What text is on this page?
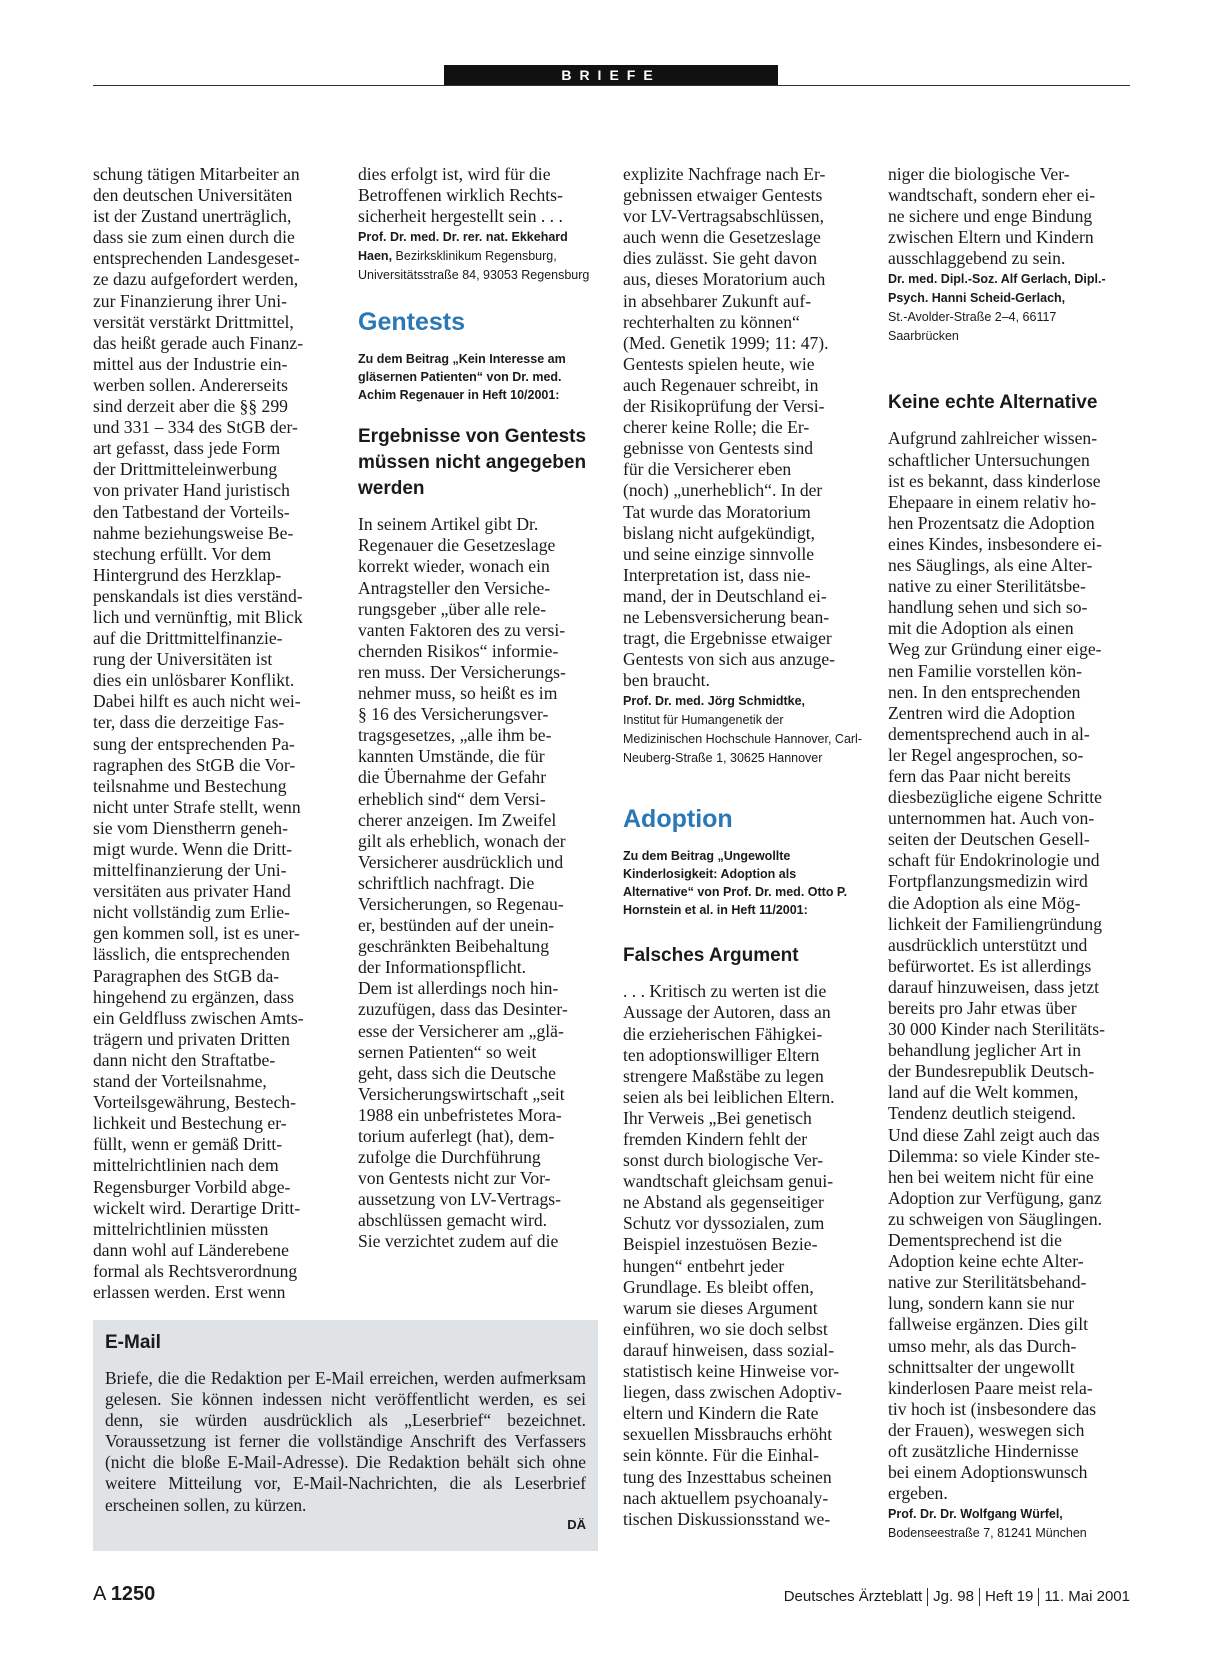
BRIEFE

schung tätigen Mitarbeiter an
den deutschen Universitäten
ist der Zustand unerträglich,
dass sie zum einen durch die
entsprechenden Landesgeset-
ze dazu aufgefordert werden,
zur Finanzierung ihrer Uni-
versität verstärkt Drittmittel,
das heißt gerade auch Finanz-
mittel aus der Industrie ein-
werben sollen. Andererseits
sind derzeit aber die §§ 299
und 331 – 334 des StGB der-
art gefasst, dass jede Form
der Drittmitteleinwerbung
von privater Hand juristisch
den Tatbestand der Vorteils-
nahme beziehungsweise Be-
stechung erfüllt. Vor dem
Hintergrund des Herzklap-
penskandals ist dies verständ-
lich und vernünftig, mit Blick
auf die Drittmittelfinanzie-
rung der Universitäten ist
dies ein unlösbarer Konflikt.
Dabei hilft es auch nicht wei-
ter, dass die derzeitige Fas-
sung der entsprechenden Pa-
ragraphen des StGB die Vor-
teilsnahme und Bestechung
nicht unter Strafe stellt, wenn
sie vom Dienstherrn geneh-
migt wurde. Wenn die Dritt-
mittelfinanzierung der Uni-
versitäten aus privater Hand
nicht vollständig zum Erlie-
gen kommen soll, ist es uner-
lässlich, die entsprechenden
Paragraphen des StGB da-
hingehend zu ergänzen, dass
ein Geldfluss zwischen Amts-
trägern und privaten Dritten
dann nicht den Straftatbe-
stand der Vorteilsnahme,
Vorteilsgewährung, Bestech-
lichkeit und Bestechung er-
füllt, wenn er gemäß Dritt-
mittelrichtlinien nach dem
Regensburger Vorbild abge-
wickelt wird. Derartige Dritt-
mittelrichtlinien müssten
dann wohl auf Länderebene
formal als Rechtsverordnung
erlassen werden. Erst wenn

dies erfolgt ist, wird für die
Betroffenen wirklich Rechts-
sicherheit hergestellt sein . . .

Prof. Dr. med. Dr. rer. nat. Ekkehard Haen, Bezirksklinikum Regensburg, Universitätsstraße 84, 93053 Regensburg

Gentests

Zu dem Beitrag „Kein Interesse am gläsernen Patienten“ von Dr. med. Achim Regenauer in Heft 10/2001:

Ergebnisse von Gentests müssen nicht angegeben werden

In seinem Artikel gibt Dr.
Regenauer die Gesetzeslage
korrekt wieder, wonach ein
Antragsteller den Versiche-
rungsgeber „über alle rele-
vanten Faktoren des zu versi-
chernden Risikos“ informie-
ren muss. Der Versicherungs-
nehmer muss, so heißt es im
§ 16 des Versicherungsver-
tragsgesetzes, „alle ihm be-
kannten Umstände, die für
die Übernahme der Gefahr
erheblich sind“ dem Versi-
cherer anzeigen. Im Zweifel
gilt als erheblich, wonach der
Versicherer ausdrücklich und
schriftlich nachfragt. Die
Versicherungen, so Regenau-
er, bestünden auf der unein-
geschränkten Beibehaltung
der Informationspflicht.
Dem ist allerdings noch hin-
zuzufügen, dass das Desinter-
esse der Versicherer am „glä-
sernen Patienten“ so weit
geht, dass sich die Deutsche
Versicherungswirtschaft „seit
1988 ein unbefristetes Mora-
torium auferlegt (hat), dem-
zufolge die Durchführung
von Gentests nicht zur Vor-
aussetzung von LV-Vertrags-
abschlüssen gemacht wird.
Sie verzichtet zudem auf die

explizite Nachfrage nach Er-
gebnissen etwaiger Gentests
vor LV-Vertragsabschlüssen,
auch wenn die Gesetzeslage
dies zulässt. Sie geht davon
aus, dieses Moratorium auch
in absehbarer Zukunft auf-
rechterhalten zu können“
(Med. Genetik 1999; 11: 47).
Gentests spielen heute, wie
auch Regenauer schreibt, in
der Risikoprüfung der Versi-
cherer keine Rolle; die Er-
gebnisse von Gentests sind
für die Versicherer eben
(noch) „unerheblich“. In der
Tat wurde das Moratorium
bislang nicht aufgekündigt,
und seine einzige sinnvolle
Interpretation ist, dass nie-
mand, der in Deutschland ei-
ne Lebensversicherung bean-
tragt, die Ergebnisse etwaiger
Gentests von sich aus anzuge-
ben braucht.

Prof. Dr. med. Jörg Schmidtke,
Institut für Humangenetik der Medizinischen Hochschule Hannover, Carl-Neuberg-Straße 1, 30625 Hannover

Adoption

Zu dem Beitrag „Ungewollte Kinderlosigkeit: Adoption als Alternative“ von Prof. Dr. med. Otto P. Hornstein et al. in Heft 11/2001:

Falsches Argument

. . . Kritisch zu werten ist die
Aussage der Autoren, dass an
die erzieherischen Fähigkei-
ten adoptionswilliger Eltern
strengere Maßstäbe zu legen
seien als bei leiblichen Eltern.
Ihr Verweis „Bei genetisch
fremden Kindern fehlt der
sonst durch biologische Ver-
wandtschaft gleichsam genui-
ne Abstand als gegenseitiger
Schutz vor dyssozialen, zum
Beispiel inzestuösen Bezie-
hungen“ entbehrt jeder
Grundlage. Es bleibt offen,
warum sie dieses Argument
einführen, wo sie doch selbst
darauf hinweisen, dass sozial-
statistisch keine Hinweise vor-
liegen, dass zwischen Adoptiv-
eltern und Kindern die Rate
sexuellen Missbrauchs erhöht
sein könnte. Für die Einhal-
tung des Inzesttabus scheinen
nach aktuellem psychoanaly-
tischen Diskussionsstand we-

niger die biologische Ver-
wandtschaft, sondern eher ei-
ne sichere und enge Bindung
zwischen Eltern und Kindern
ausschlaggebend zu sein.

Dr. med. Dipl.-Soz. Alf Gerlach, Dipl.-Psych. Hanni Scheid-Gerlach,
St.-Avolder-Straße 2–4, 66117 Saarbrücken

Keine echte Alternative

Aufgrund zahlreicher wissen-
schaftlicher Untersuchungen
ist es bekannt, dass kinderlose
Ehepaare in einem relativ ho-
hen Prozentsatz die Adoption
eines Kindes, insbesondere ei-
nes Säuglings, als eine Alter-
native zu einer Sterilitätsbe-
handlung sehen und sich so-
mit die Adoption als einen
Weg zur Gründung einer eige-
nen Familie vorstellen kön-
nen. In den entsprechenden
Zentren wird die Adoption
dementsprechend auch in al-
ler Regel angesprochen, so-
fern das Paar nicht bereits
diesbezügliche eigene Schritte
unternommen hat. Auch von-
seiten der Deutschen Gesell-
schaft für Endokrinologie und
Fortpflanzungsmedizin wird
die Adoption als eine Mög-
lichkeit der Familiengründung
ausdrücklich unterstützt und
befürwortet. Es ist allerdings
darauf hinzuweisen, dass jetzt
bereits pro Jahr etwas über
30 000 Kinder nach Sterilitäts-
behandlung jeglicher Art in
der Bundesrepublik Deutsch-
land auf die Welt kommen,
Tendenz deutlich steigend.
Und diese Zahl zeigt auch das
Dilemma: so viele Kinder ste-
hen bei weitem nicht für eine
Adoption zur Verfügung, ganz
zu schweigen von Säuglingen.
Dementsprechend ist die
Adoption keine echte Alter-
native zur Sterilitätsbehand-
lung, sondern kann sie nur
fallweise ergänzen. Dies gilt
umso mehr, als das Durch-
schnittsalter der ungewollt
kinderlosen Paare meist rela-
tiv hoch ist (insbesondere das
der Frauen), weswegen sich
oft zusätzliche Hindernisse
bei einem Adoptionswunsch
ergeben.

Prof. Dr. Dr. Wolfgang Würfel,
Bodenseestraße 7, 81241 München

E-Mail
Briefe, die die Redaktion per E-Mail erreichen, werden aufmerksam gelesen. Sie können indessen nicht veröffentlicht werden, es sei denn, sie würden ausdrücklich als „Leserbrief“ bezeichnet. Voraussetzung ist ferner die vollständige Anschrift des Verfassers (nicht die bloße E-Mail-Adresse). Die Redaktion behält sich ohne weitere Mitteilung vor, E-Mail-Nachrichten, die als Leserbrief erscheinen sollen, zu kürzen.
DÄ
A 1250	Deutsches Ärzteblatt Jg. 98 Heft 19 11. Mai 2001
